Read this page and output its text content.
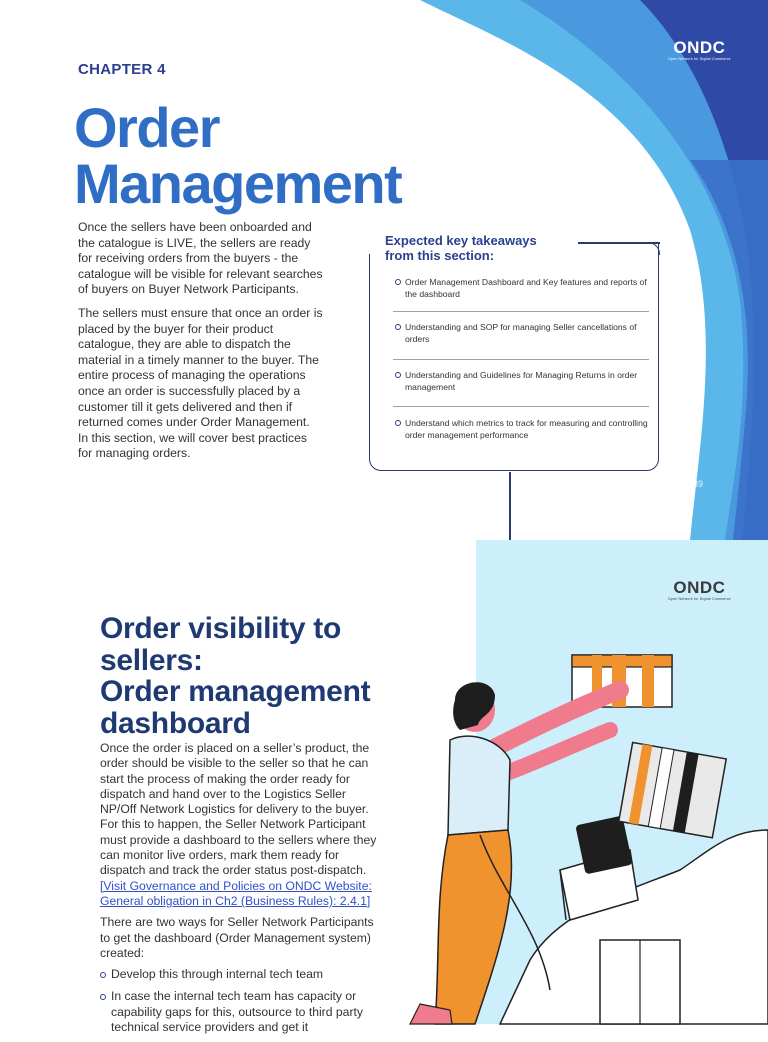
ONDC
Open Network for Digital Commerce
CHAPTER 4
Order
Management

Once the sellers have been onboarded and the catalogue is LIVE, the sellers are ready for receiving orders from the buyers - the catalogue will be visible for relevant searches of buyers on Buyer Network Participants.

The sellers must ensure that once an order is placed by the buyer for their product catalogue, they are able to dispatch the material in a timely manner to the buyer. The entire process of managing the operations once an order is successfully placed by a customer till it gets delivered and then if returned comes under Order Management. In this section, we will cover best practices for managing orders.

Expected key takeaways
from this section:
Order Management Dashboard and Key features and reports of the dashboard
Understanding and SOP for managing Seller cancellations of orders
Understanding and Guidelines for Managing Returns in order management
Understand which metrics to track for measuring and controlling order management performance
39
ONDC
Open Network for Digital Commerce
Order visibility to
sellers:
Order management
dashboard

Once the order is placed on a seller’s product, the order should be visible to the seller so that he can start the process of making the order ready for dispatch and hand over to the Logistics Seller NP/Off Network Logistics for delivery to the buyer. For this to happen, the Seller Network Participant must provide a dashboard to the sellers where they can monitor live orders, mark them ready for dispatch and track the order status post-dispatch. [Visit Governance and Policies on ONDC Website: General obligation in Ch2 (Business Rules): 2.4.1]

There are two ways for Seller Network Participants to get the dashboard (Order Management system) created:

Develop this through internal tech team
In case the internal tech team has capacity or capability gaps for this, outsource to third party technical service providers and get it
